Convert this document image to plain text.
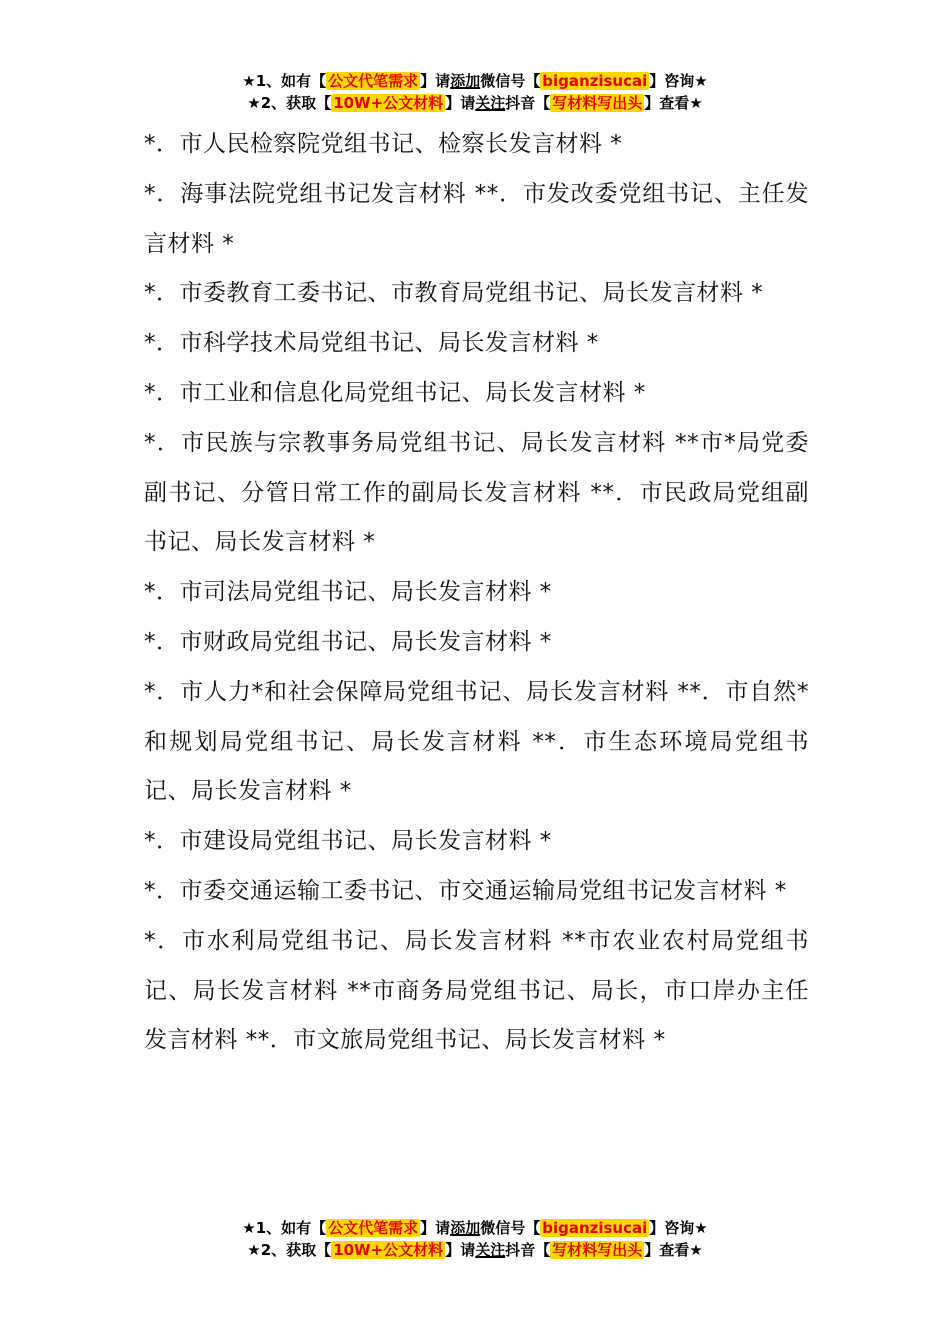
★1、如有【 公文代笔需求 】请添加微信号【 biganzisucai 】咨询★
★2、获取【 10W+公文材料 】请关注抖音【 写材料写出头 】查看★

*．市人民检察院党组书记、检察长发言材料 *

*．海事法院党组书记发言材料 **．市发改委党组书记、主任发言材料 *

*．市委教育工委书记、市教育局党组书记、局长发言材料 *

*．市科学技术局党组书记、局长发言材料 *

*．市工业和信息化局党组书记、局长发言材料 *

*．市民族与宗教事务局党组书记、局长发言材料 **市*局党委副书记、分管日常工作的副局长发言材料 **．市民政局党组副书记、局长发言材料 *

*．市司法局党组书记、局长发言材料 *

*．市财政局党组书记、局长发言材料 *

*．市人力*和社会保障局党组书记、局长发言材料 **．市自然*和规划局党组书记、局长发言材料 **．市生态环境局党组书记、局长发言材料 *

*．市建设局党组书记、局长发言材料 *

*．市委交通运输工委书记、市交通运输局党组书记发言材料 *

*．市水利局党组书记、局长发言材料 **市农业农村局党组书记、局长发言材料 **市商务局党组书记、局长，市口岸办主任发言材料 **．市文旅局党组书记、局长发言材料 *

★1、如有【 公文代笔需求 】请添加微信号【 biganzisucai 】咨询★
★2、获取【 10W+公文材料 】请关注抖音【 写材料写出头 】查看★
